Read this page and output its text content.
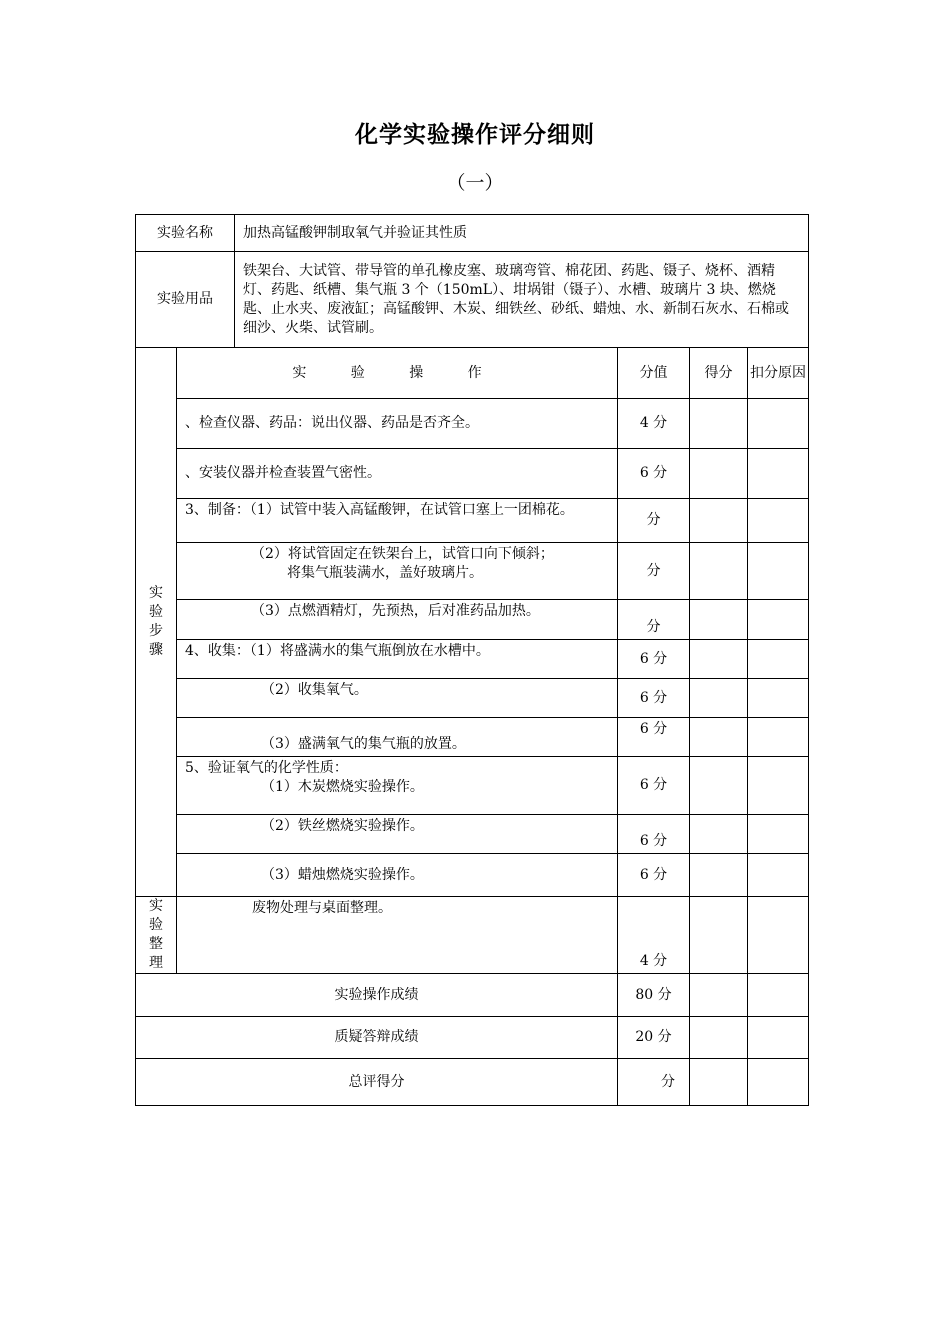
化学实验操作评分细则
（一）
实验名称		加热高锰酸钾制取氧气并验证其性质			
实验用品		铁架台、大试管、带导管的单孔橡皮塞、玻璃弯管、棉花团、药匙、镊子、烧杯、酒精灯、药匙、纸槽、集气瓶 3 个（150mL）、坩埚钳（镊子）、水槽、玻璃片 3 块、燃烧匙、止水夹、废液缸；高锰酸钾、木炭、细铁丝、砂纸、蜡烛、水、新制石灰水、石棉或细沙、火柴、试管刷。			
实
验
步
骤	实 验 操 作		分值	得分	扣分原因
	、检查仪器、药品：说出仪器、药品是否齐全。		4 分		
	、安装仪器并检查装置气密性。		6 分		
	3、制备：（1）试管中装入高锰酸钾，在试管口塞上一团棉花。		分		

	（2）将试管固定在铁架台上，试管口向下倾斜；
将集气瓶装满水，盖好玻璃片。		分		
	（3）点燃酒精灯，先预热，后对准药品加热。		分		
	4、收集：（1）将盛满水的集气瓶倒放在水槽中。		6 分		
	（2）收集氧气。		6 分		
	（3）盛满氧气的集气瓶的放置。		6 分		

	5、验证氧气的化学性质：
（1）木炭燃烧实验操作。		6 分		
	（2）铁丝燃烧实验操作。		6 分		
	（3）蜡烛燃烧实验操作。		6 分		
实
验
整
理	废物处理与桌面整理。		4 分		
实验操作成绩			80 分		
质疑答辩成绩			20 分		
总评得分			分		
